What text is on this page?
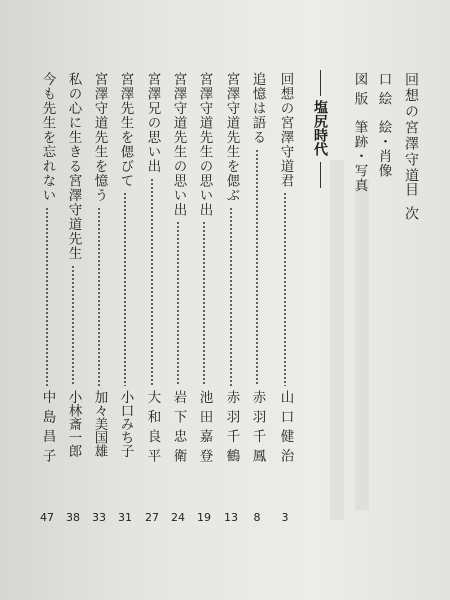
回想の宮澤守道
目次
口絵
絵・肖像
図版
筆跡・写真
塩尻時代
回想の宮澤守道君
山口健治
3
追憶は語る
赤羽千鳳
8
宮澤守道先生を偲ぶ
赤羽千鶴
13
宮澤守道先生の思い出
池田嘉登
19
宮澤守道先生の思い出
岩下忠衛
24
宮澤兄の思い出
大和良平
27
宮澤先生を偲びて
小口みち子
31
宮澤守道先生を憶う
加々美国雄
33
私の心に生きる宮澤守道先生
小林斎一郎
38
今も先生を忘れない
中島昌子
47
